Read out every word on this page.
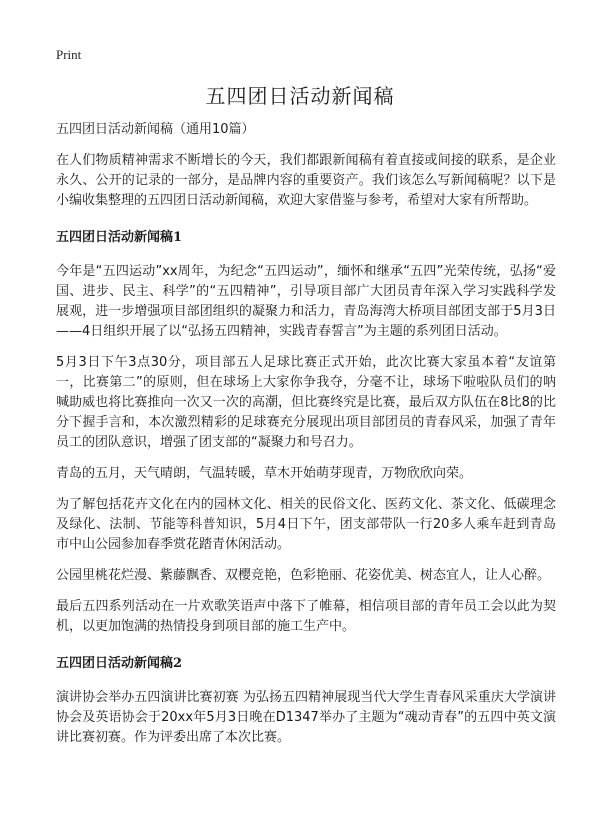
Print
五四团日活动新闻稿

五四团日活动新闻稿（通用10篇）

在人们物质精神需求不断增长的今天，我们都跟新闻稿有着直接或间接的联系，是企业永久、公开的记录的一部分，是品牌内容的重要资产。我们该怎么写新闻稿呢？以下是小编收集整理的五四团日活动新闻稿，欢迎大家借鉴与参考，希望对大家有所帮助。

五四团日活动新闻稿1

今年是“五四运动”xx周年，为纪念“五四运动”，缅怀和继承“五四”光荣传统，弘扬“爱国、进步、民主、科学”的“五四精神”，引导项目部广大团员青年深入学习实践科学发展观，进一步增强项目部团组织的凝聚力和活力，青岛海湾大桥项目部团支部于5月3日——4日组织开展了以“弘扬五四精神，实践青春誓言”为主题的系列团日活动。

5月3日下午3点30分，项目部五人足球比赛正式开始，此次比赛大家虽本着“友谊第一，比赛第二”的原则，但在球场上大家你争我夺，分毫不让，球场下啦啦队员们的呐喊助威也将比赛推向一次又一次的高潮，但比赛终究是比赛，最后双方队伍在8比8的比分下握手言和，本次激烈精彩的足球赛充分展现出项目部团员的青春风采，加强了青年员工的团队意识，增强了团支部的“凝聚力和号召力。

青岛的五月，天气晴朗，气温转暖，草木开始萌芽现青，万物欣欣向荣。

为了解包括花卉文化在内的园林文化、相关的民俗文化、医药文化、茶文化、低碳理念及绿化、法制、节能等科普知识，5月4日下午，团支部带队一行20多人乘车赶到青岛市中山公园参加春季赏花踏青休闲活动。

公园里桃花烂漫、紫藤飘香、双樱竞艳，色彩艳丽、花姿优美、树态宜人，让人心醉。

最后五四系列活动在一片欢歌笑语声中落下了帷幕，相信项目部的青年员工会以此为契机，以更加饱满的热情投身到项目部的施工生产中。

五四团日活动新闻稿2

演讲协会举办五四演讲比赛初赛 为弘扬五四精神展现当代大学生青春风采重庆大学演讲协会及英语协会于20xx年5月3日晚在D1347举办了主题为“魂动青春”的五四中英文演讲比赛初赛。作为评委出席了本次比赛。
